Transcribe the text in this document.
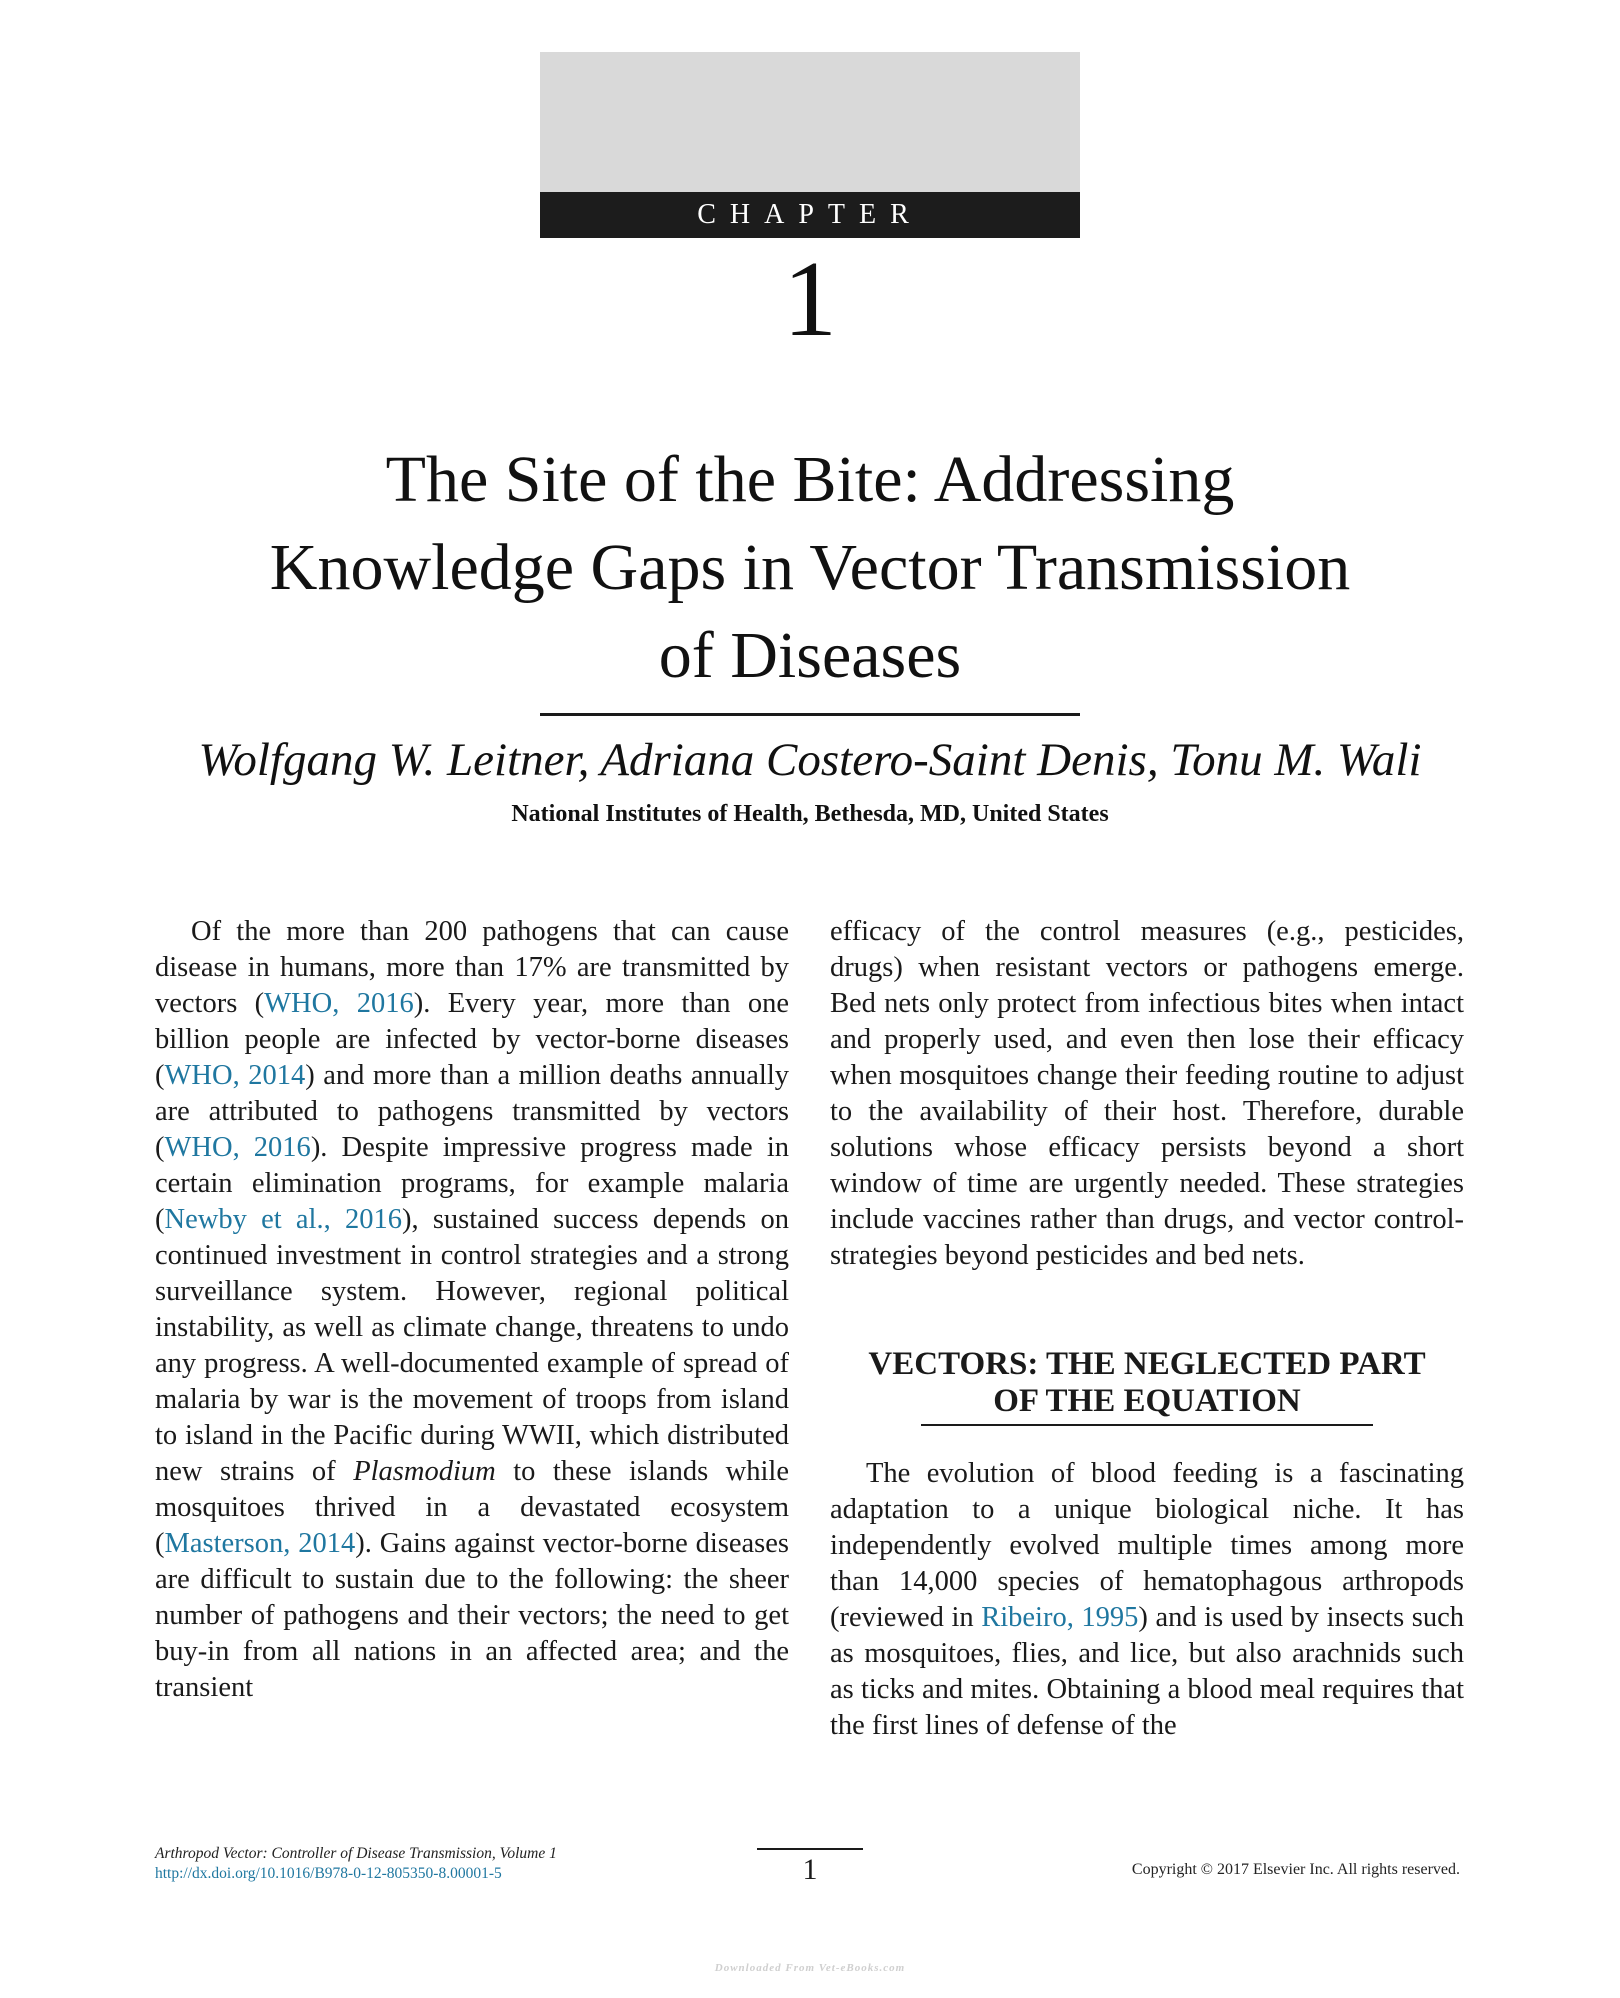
CHAPTER
1
The Site of the Bite: Addressing
Knowledge Gaps in Vector Transmission
of Diseases
Wolfgang W. Leitner, Adriana Costero-Saint Denis, Tonu M. Wali
National Institutes of Health, Bethesda, MD, United States

Of the more than 200 pathogens that can cause disease in humans, more than 17% are transmitted by vectors (WHO, 2016). Every year, more than one billion people are infected by vector-borne diseases (WHO, 2014) and more than a million deaths annually are attributed to pathogens transmitted by vectors (WHO, 2016). Despite impressive progress made in certain elimination programs, for example malaria (Newby et al., 2016), sustained success depends on continued investment in control strategies and a strong surveillance system. However, regional political instability, as well as climate change, threatens to undo any progress. A well-documented example of spread of malaria by war is the movement of troops from island to island in the Pacific during WWII, which distributed new strains of Plasmodium to these islands while mosquitoes thrived in a devastated ecosystem (Masterson, 2014). Gains against vector-borne diseases are difficult to sustain due to the following: the sheer number of pathogens and their vectors; the need to get buy-in from all nations in an affected area; and the transient

efficacy of the control measures (e.g., pesticides, drugs) when resistant vectors or pathogens emerge. Bed nets only protect from infectious bites when intact and properly used, and even then lose their efficacy when mosquitoes change their feeding routine to adjust to the availability of their host. Therefore, durable solutions whose efficacy persists beyond a short window of time are urgently needed. These strategies include vaccines rather than drugs, and vector control-strategies beyond pesticides and bed nets.

VECTORS: THE NEGLECTED PART
OF THE EQUATION

The evolution of blood feeding is a fascinating adaptation to a unique biological niche. It has independently evolved multiple times among more than 14,000 species of hematophagous arthropods (reviewed in Ribeiro, 1995) and is used by insects such as mosquitoes, flies, and lice, but also arachnids such as ticks and mites. Obtaining a blood meal requires that the first lines of defense of the

Arthropod Vector: Controller of Disease Transmission, Volume 1
http://dx.doi.org/10.1016/B978-0-12-805350-8.00001-5	1	Copyright © 2017 Elsevier Inc. All rights reserved.
Downloaded From Vet-eBooks.com
